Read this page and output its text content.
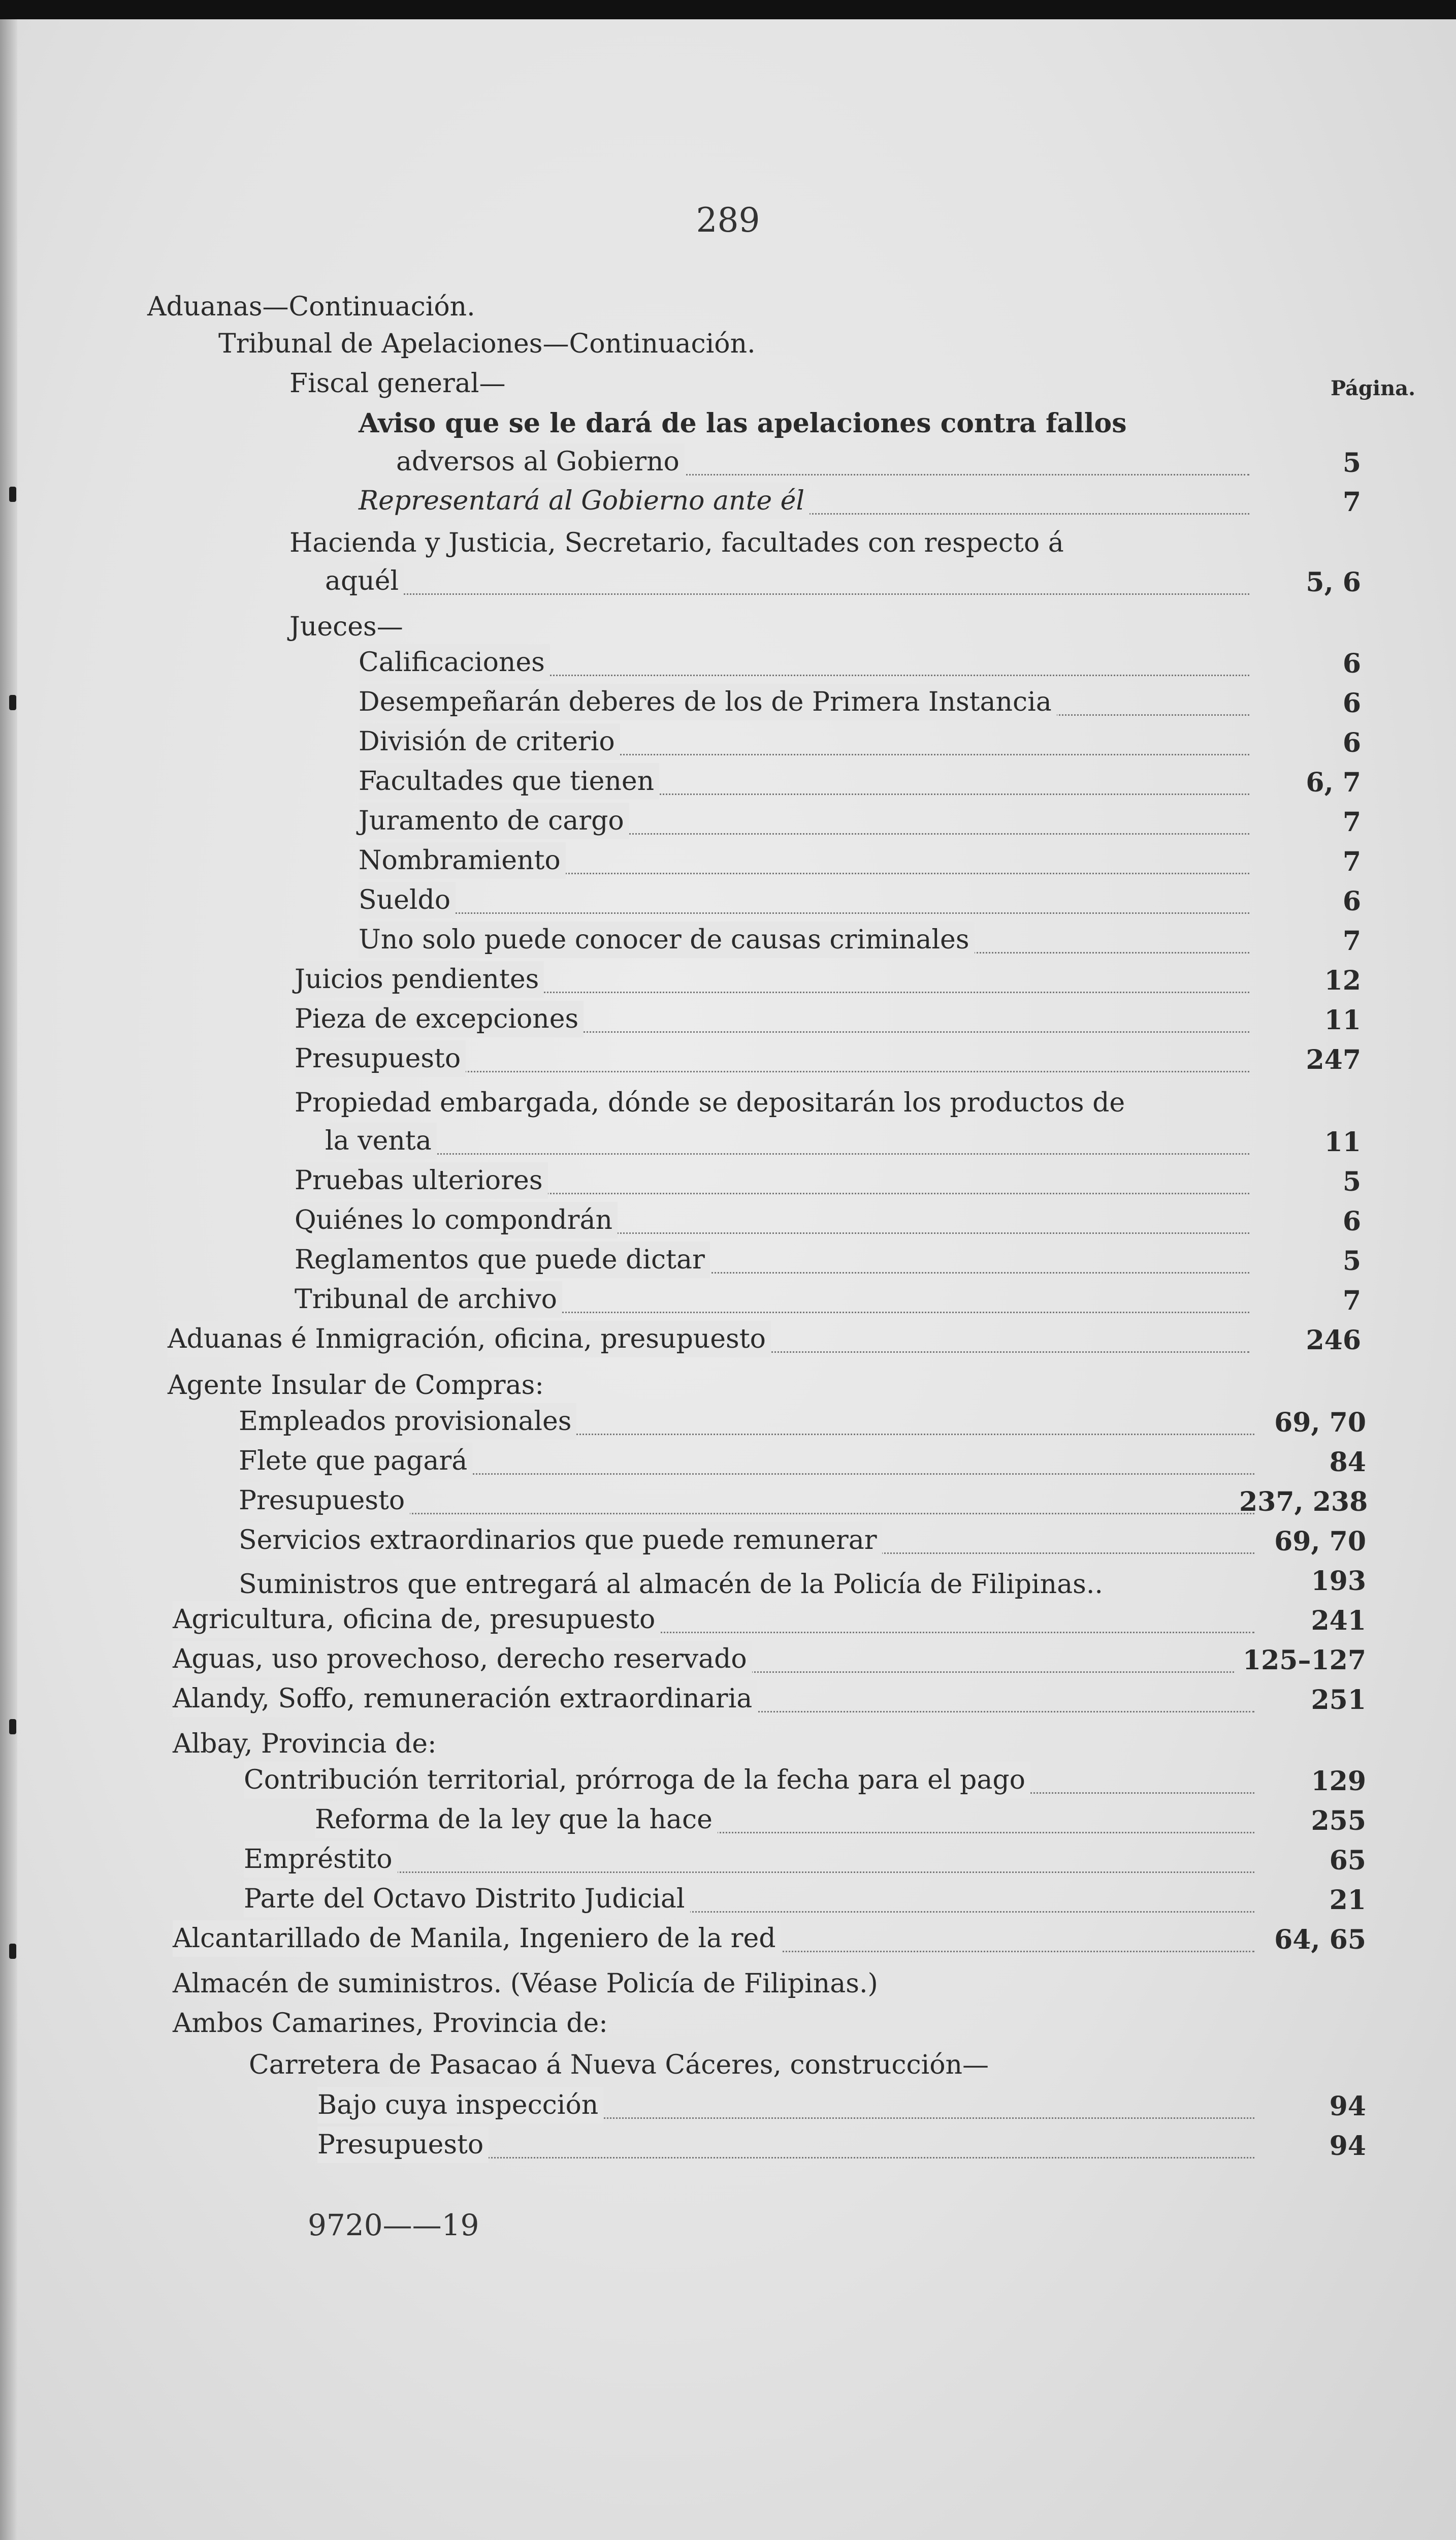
289
Página.
Aduanas—Continuación.
Tribunal de Apelaciones—Continuación.
Fiscal general—
Aviso que se le dará de las apelaciones contra fallos
adversos al Gobierno
Representará al Gobierno ante él
Hacienda y Justicia, Secretario, facultades con respecto á
aquél
Jueces—
Calificaciones
Desempeñarán deberes de los de Primera Instancia
División de criterio
Facultades que tienen
Juramento de cargo
Nombramiento
Sueldo
Uno solo puede conocer de causas criminales
Juicios pendientes
Pieza de excepciones
Presupuesto
Propiedad embargada, dónde se depositarán los productos de
la venta
Pruebas ulteriores
Quiénes lo compondrán
Reglamentos que puede dictar
Tribunal de archivo
Aduanas é Inmigración, oficina, presupuesto
Agente Insular de Compras:
Empleados provisionales
Flete que pagará
Presupuesto
Servicios extraordinarios que puede remunerar
Suministros que entregará al almacén de la Policía de Filipinas..
Agricultura, oficina de, presupuesto
Aguas, uso provechoso, derecho reservado
Alandy, Soffo, remuneración extraordinaria
Albay, Provincia de:
Contribución territorial, prórroga de la fecha para el pago
Reforma de la ley que la hace
Empréstito
Parte del Octavo Distrito Judicial
Alcantarillado de Manila, Ingeniero de la red
Almacén de suministros. (Véase Policía de Filipinas.)
Ambos Camarines, Provincia de:
Carretera de Pasacao á Nueva Cáceres, construcción—
Bajo cuya inspección
Presupuesto
5
7
5, 6
6
6
6
6, 7
7
7
6
7
12
11
247
11
5
6
5
7
246
69, 70
84
237, 238
69, 70
193
241
125–127
251
129
255
65
21
64, 65
94
94
9720——19
